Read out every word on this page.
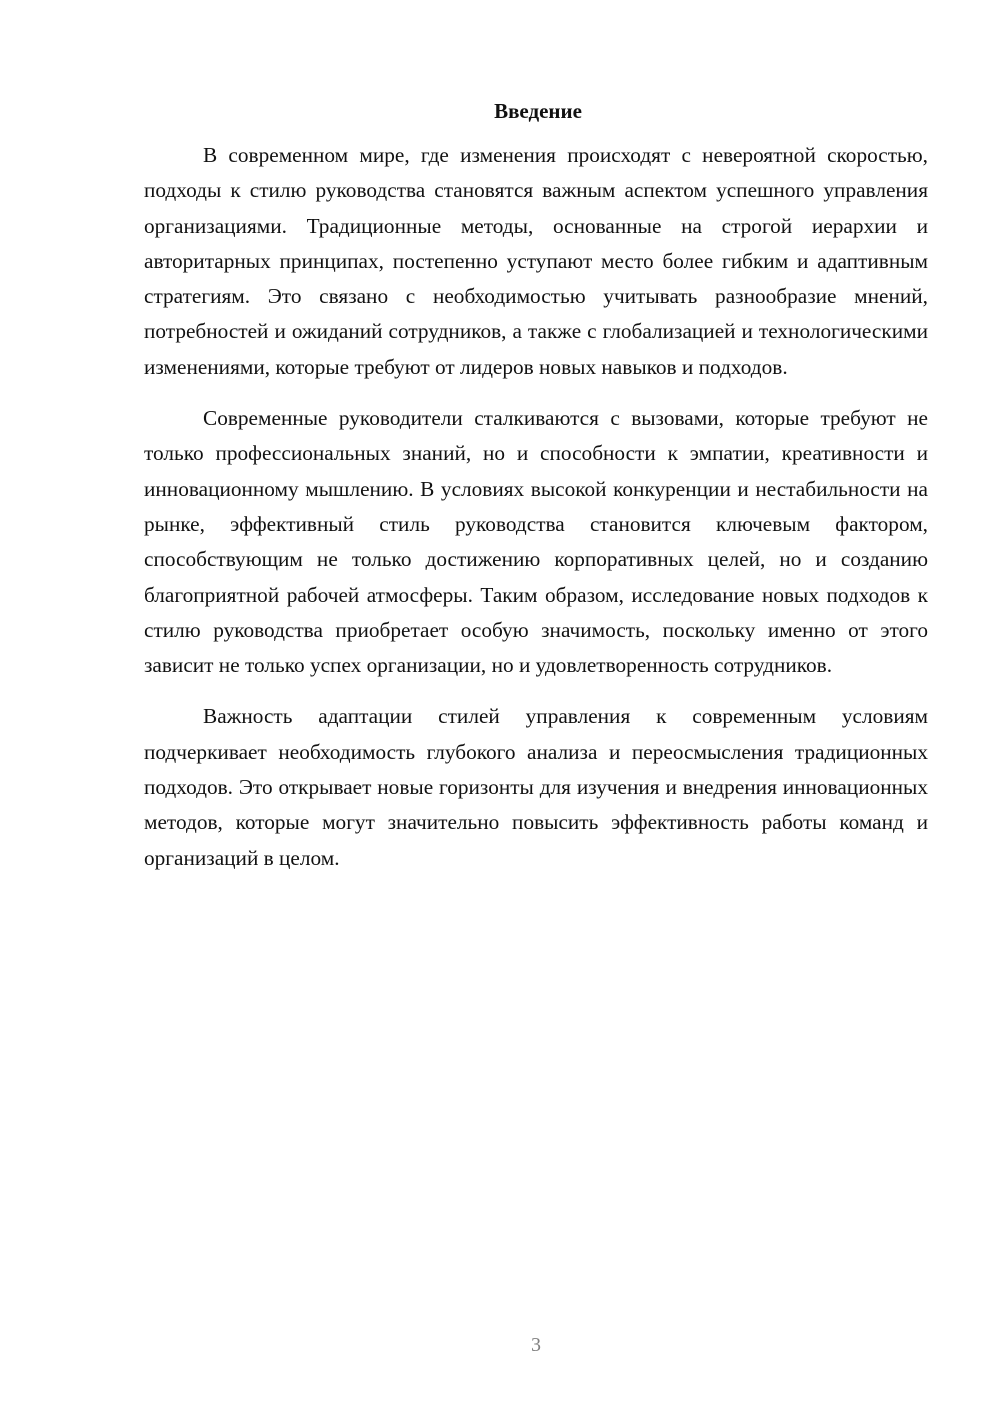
Введение

В современном мире, где изменения происходят с невероятной скоростью, подходы к стилю руководства становятся важным аспектом успешного управления организациями. Традиционные методы, основанные на строгой иерархии и авторитарных принципах, постепенно уступают место более гибким и адаптивным стратегиям. Это связано с необходимостью учитывать разнообразие мнений, потребностей и ожиданий сотрудников, а также с глобализацией и технологическими изменениями, которые требуют от лидеров новых навыков и подходов.

Современные руководители сталкиваются с вызовами, которые требуют не только профессиональных знаний, но и способности к эмпатии, креативности и инновационному мышлению. В условиях высокой конкуренции и нестабильности на рынке, эффективный стиль руководства становится ключевым фактором, способствующим не только достижению корпоративных целей, но и созданию благоприятной рабочей атмосферы. Таким образом, исследование новых подходов к стилю руководства приобретает особую значимость, поскольку именно от этого зависит не только успех организации, но и удовлетворенность сотрудников.

Важность адаптации стилей управления к современным условиям подчеркивает необходимость глубокого анализа и переосмысления традиционных подходов. Это открывает новые горизонты для изучения и внедрения инновационных методов, которые могут значительно повысить эффективность работы команд и организаций в целом.

3
